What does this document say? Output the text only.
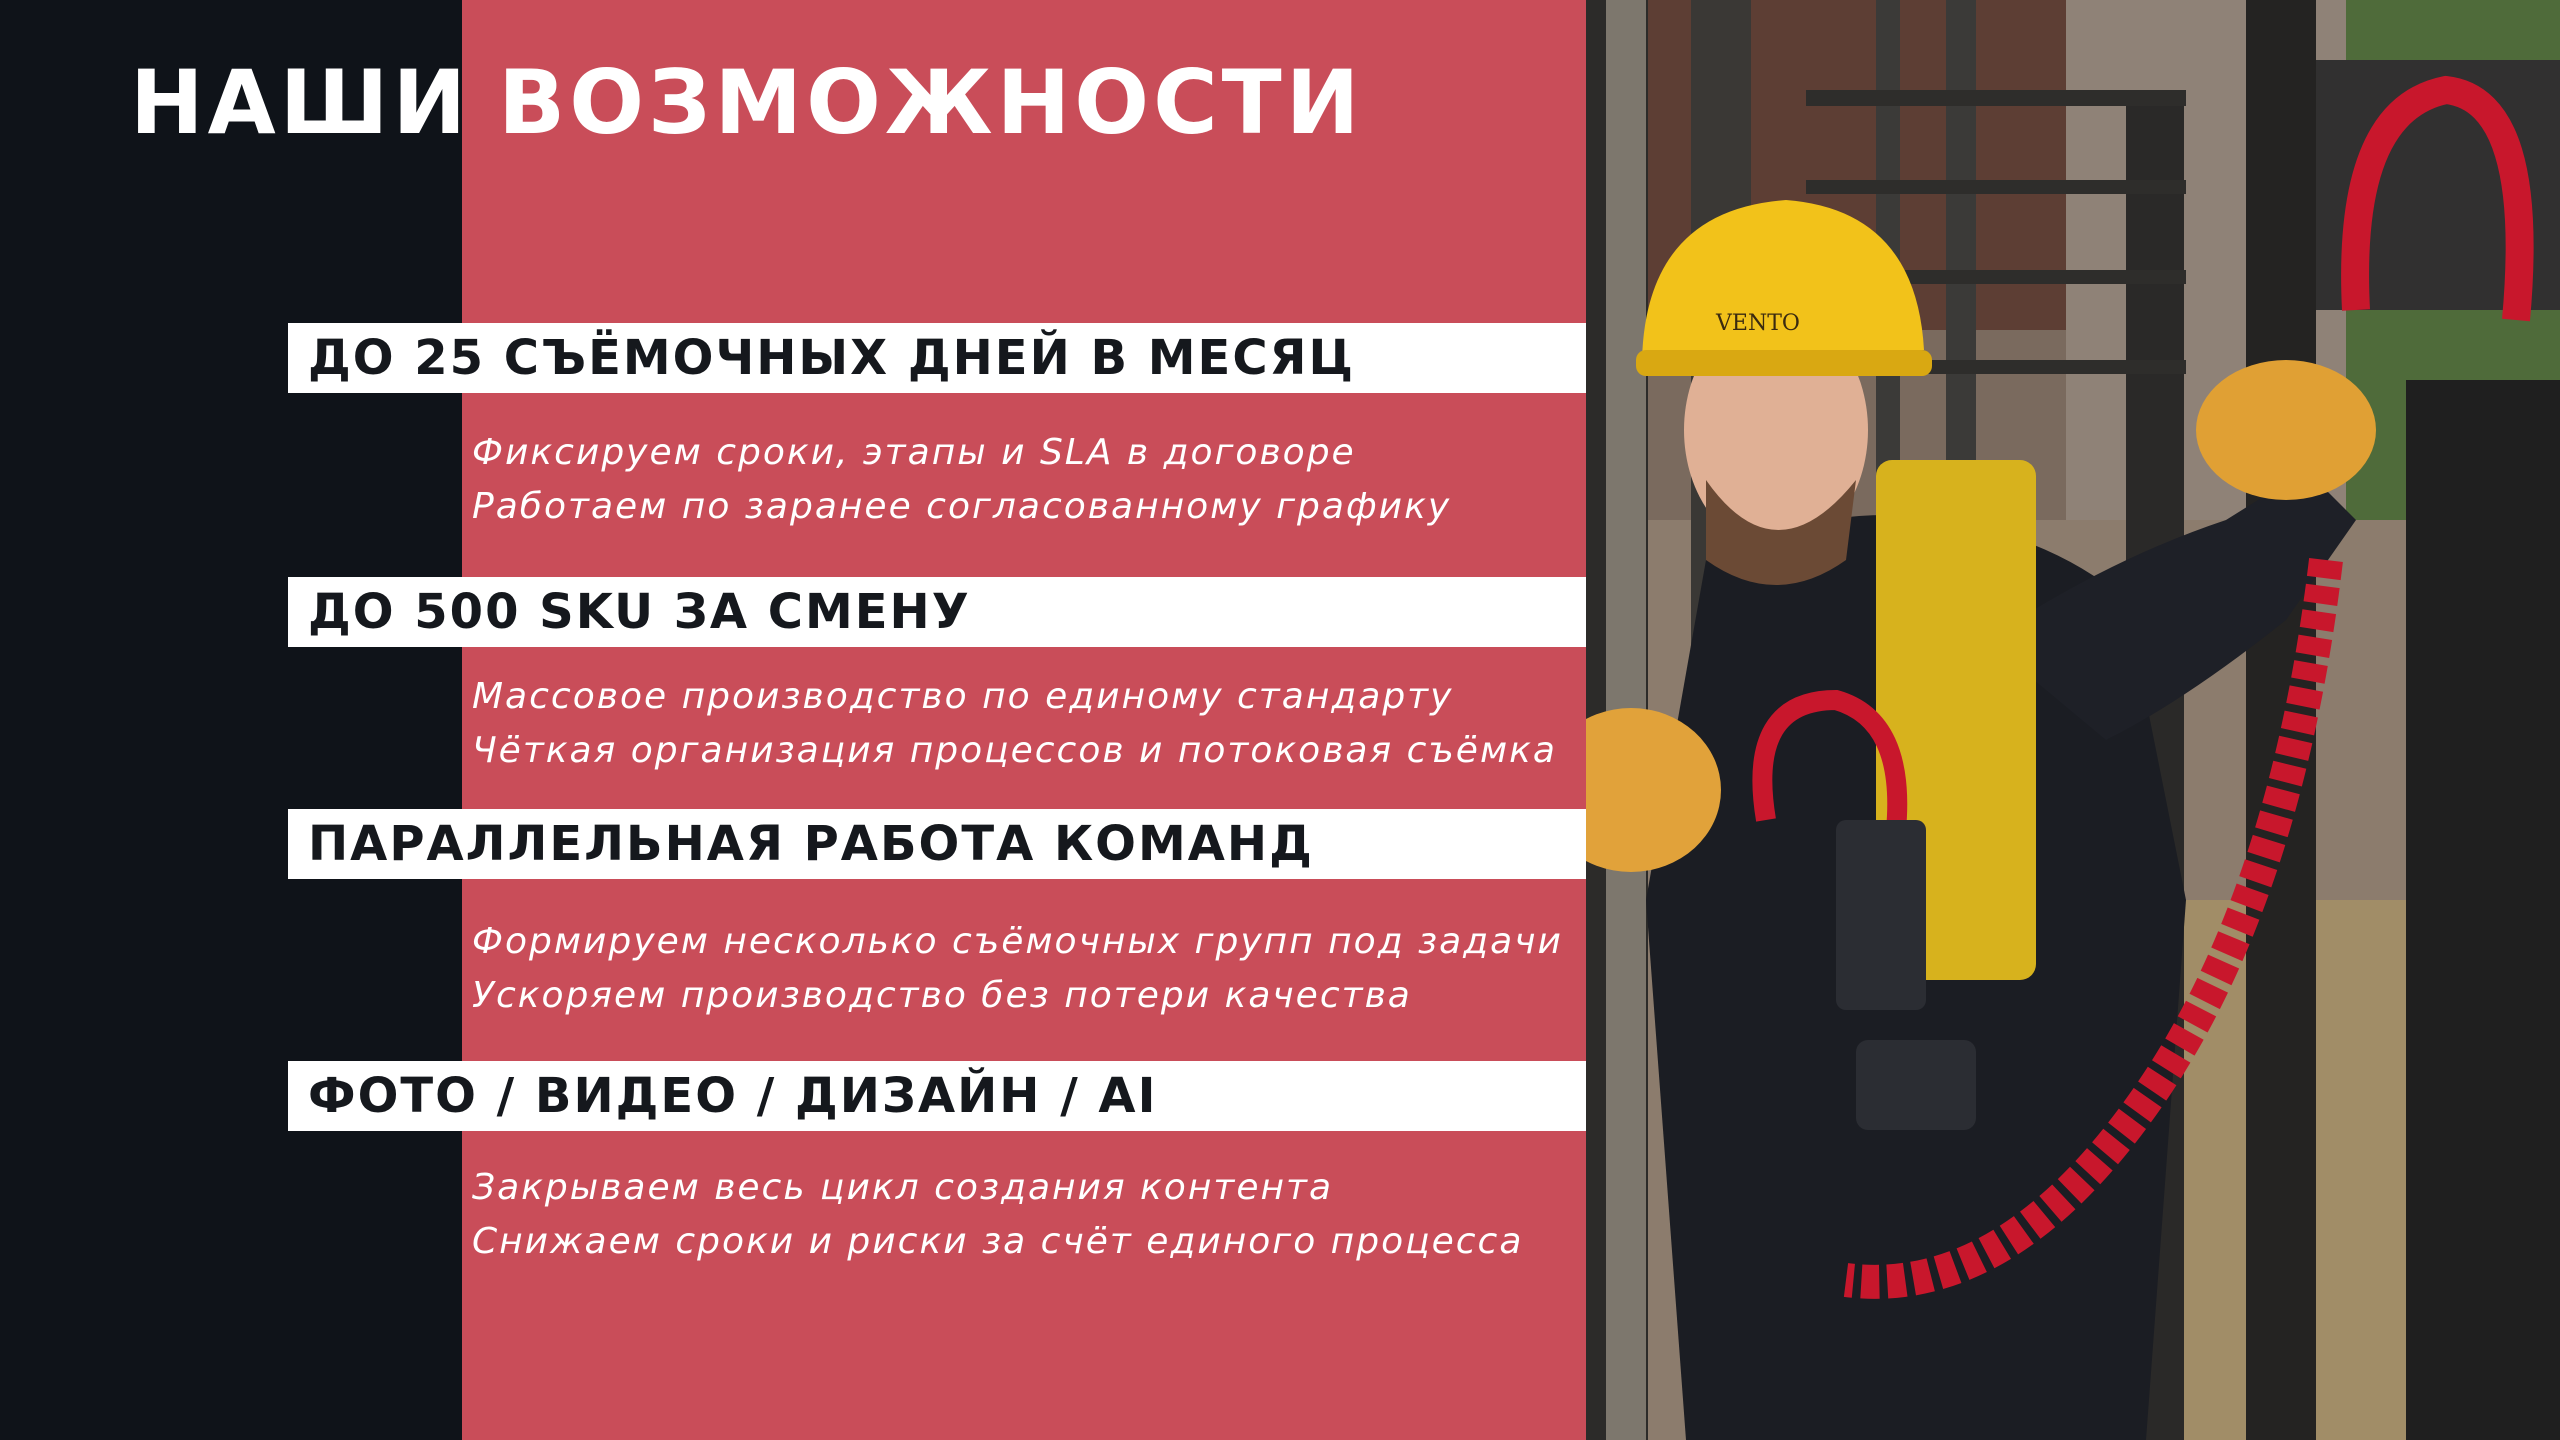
VENTO
НАШИ ВОЗМОЖНОСТИ
ДО 25 СЪЁМОЧНЫХ ДНЕЙ В МЕСЯЦ
Фиксируем сроки, этапы и SLA в договоре
Работаем по заранее согласованному графику
ДО 500 SKU ЗА СМЕНУ
Массовое производство по единому стандарту
Чёткая организация процессов и потоковая съёмка
ПАРАЛЛЕЛЬНАЯ РАБОТА КОМАНД
Формируем несколько съёмочных групп под задачи
Ускоряем производство без потери качества
ФОТО / ВИДЕО / ДИЗАЙН / AI
Закрываем весь цикл создания контента
Снижаем сроки и риски за счёт единого процесса
